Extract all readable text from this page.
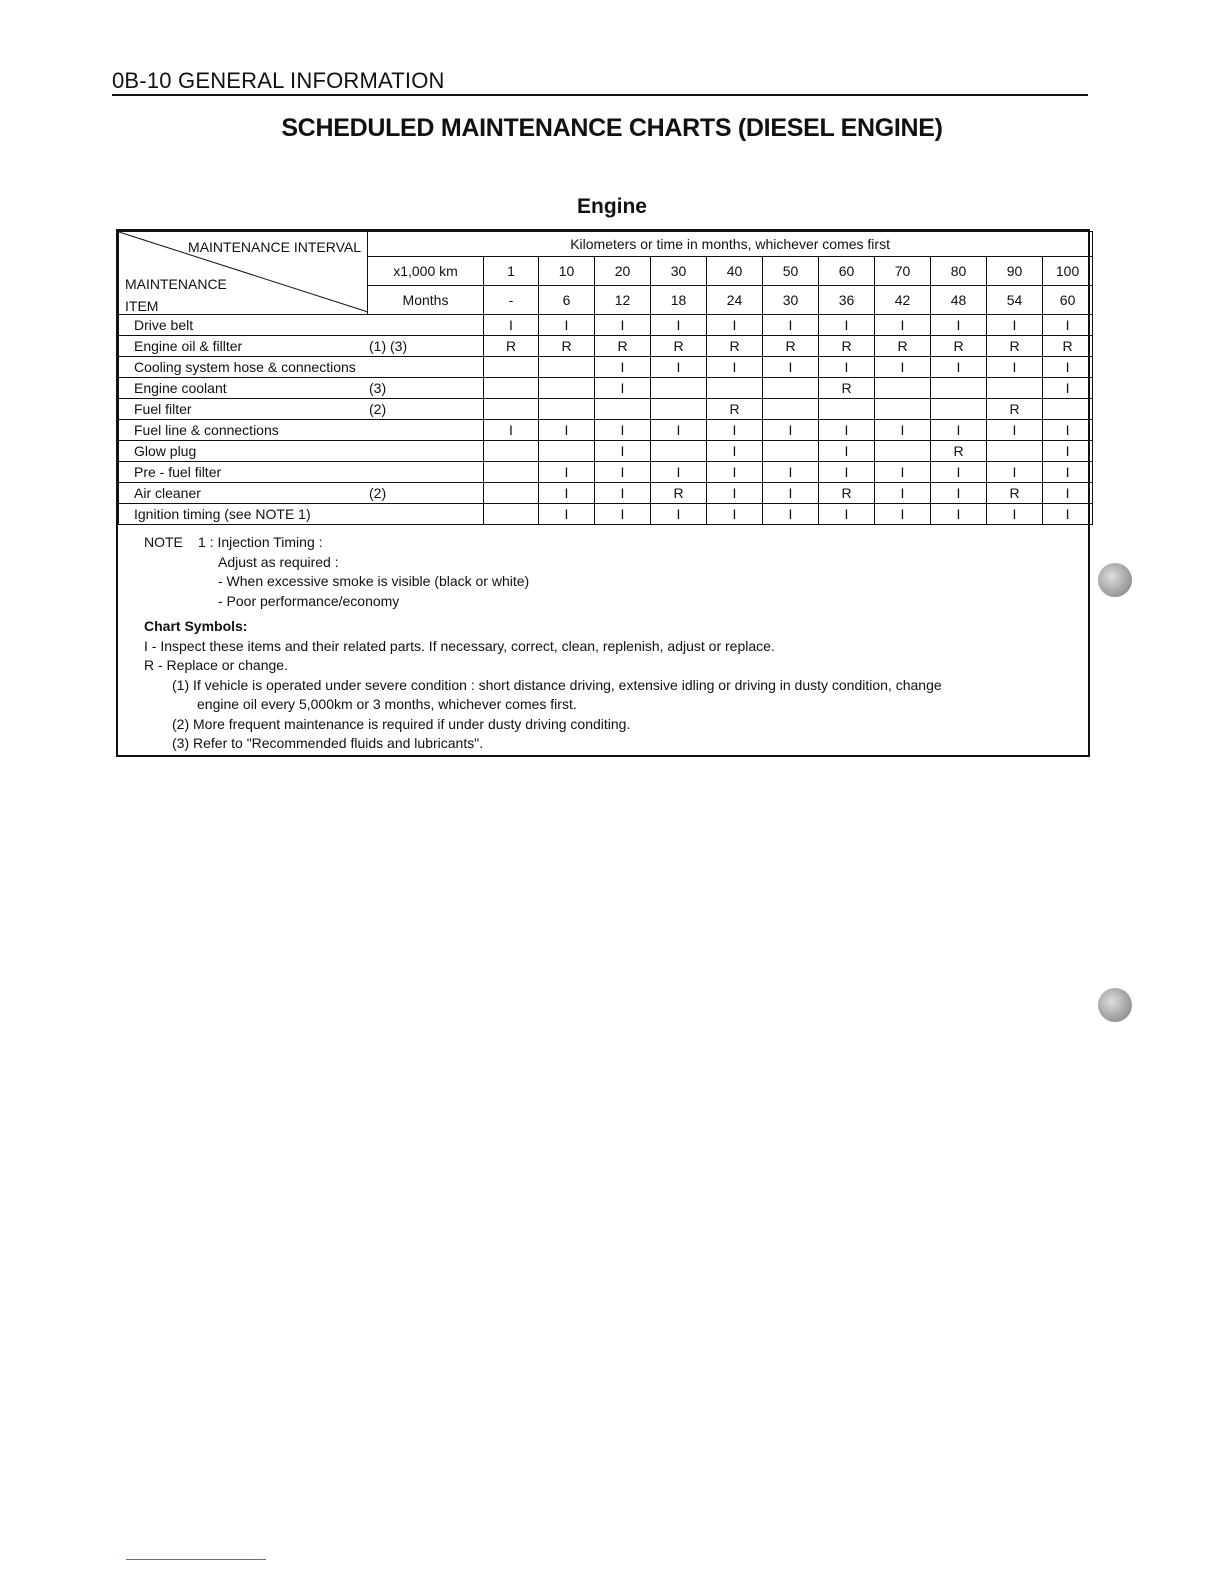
0B-10 GENERAL INFORMATION
SCHEDULED MAINTENANCE CHARTS (DIESEL ENGINE)
Engine
MAINTENANCE INTERVAL
MAINTENANCE
ITEM	Kilometers or time in months, whichever comes first											
	x1,000 km	1	10	20	30	40	50	60	70	80	90	100
	Months	-	6	12	18	24	30	36	42	48	54	60
Drive belt		I	I	I	I	I	I	I	I	I	I	I
Engine oil & fillter (1) (3)		R	R	R	R	R	R	R	R	R	R	R
Cooling system hose & connections				I	I	I	I	I	I	I	I	I
Engine coolant (3)				I				R				I
Fuel filter (2)						R					R	
Fuel line & connections		I	I	I	I	I	I	I	I	I	I	I
Glow plug				I		I		I		R		I
Pre - fuel filter			I	I	I	I	I	I	I	I	I	I
Air cleaner (2)			I	I	R	I	I	R	I	I	R	I
Ignition timing (see NOTE 1)			I	I	I	I	I	I	I	I	I	I
NOTE 1 : Injection Timing :
Adjust as required :
- When excessive smoke is visible (black or white)
- Poor performance/economy
Chart Symbols:
I - Inspect these items and their related parts. If necessary, correct, clean, replenish, adjust or replace.
R - Replace or change.
(1) If vehicle is operated under severe condition : short distance driving, extensive idling or driving in dusty condition, change
engine oil every 5,000km or 3 months, whichever comes first.
(2) More frequent maintenance is required if under dusty driving conditing.
(3) Refer to "Recommended fluids and lubricants".
